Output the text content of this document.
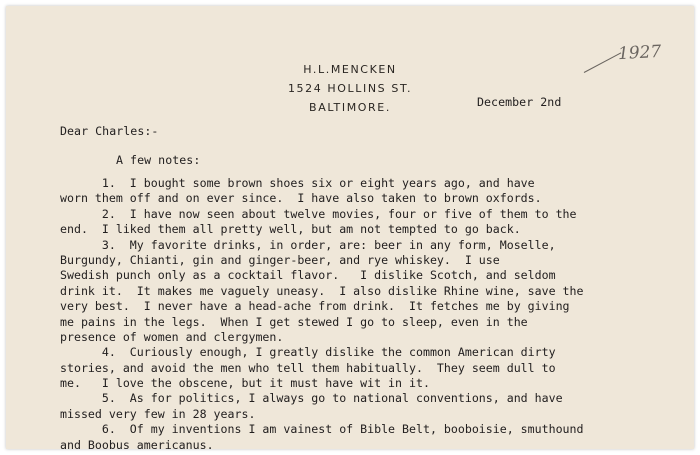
H.L.MENCKEN
1524 HOLLINS ST.
BALTIMORE.
1927
December 2nd
Dear Charles:-
A few notes:
1.  I bought some brown shoes six or eight years ago, and have
worn them off and on ever since.  I have also taken to brown oxfords.
2.  I have now seen about twelve movies, four or five of them to the
end.  I liked them all pretty well, but am not tempted to go back.
3.  My favorite drinks, in order, are: beer in any form, Moselle,
Burgundy, Chianti, gin and ginger-beer, and rye whiskey.  I use
Swedish punch only as a cocktail flavor.   I dislike Scotch, and seldom
drink it.  It makes me vaguely uneasy.  I also dislike Rhine wine, save the
very best.  I never have a head-ache from drink.  It fetches me by giving
me pains in the legs.  When I get stewed I go to sleep, even in the
presence of women and clergymen.
4.  Curiously enough, I greatly dislike the common American dirty
stories, and avoid the men who tell them habitually.  They seem dull to
me.   I love the obscene, but it must have wit in it.
5.  As for politics, I always go to national conventions, and have
missed very few in 28 years.
6.  Of my inventions I am vainest of Bible Belt, booboisie, smuthound
and Boobus americanus.
